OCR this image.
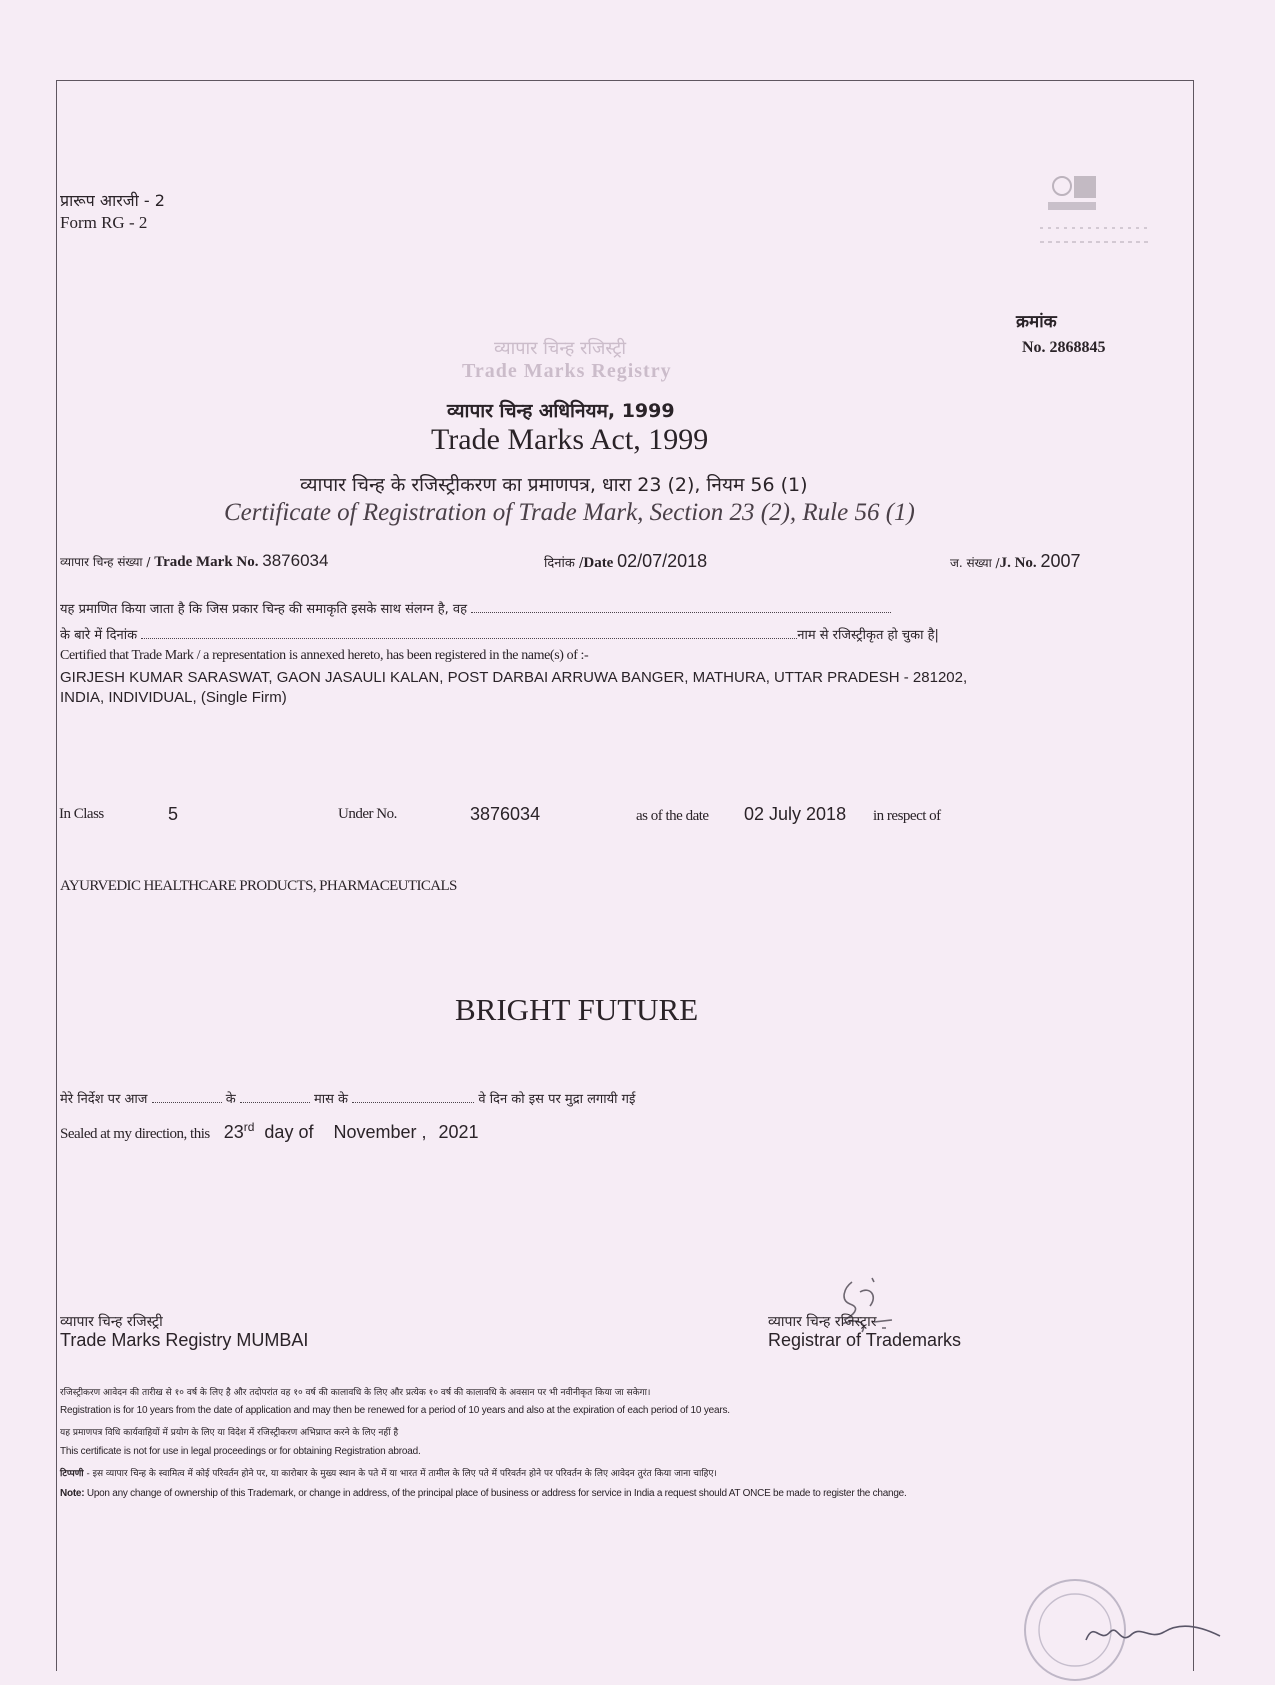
प्रारूप आरजी - 2
Form RG - 2
क्रमांक
No. 2868845
व्यापार चिन्ह रजिस्ट्री
Trade Marks Registry
व्यापार चिन्ह अधिनियम, 1999
Trade Marks Act, 1999
व्यापार चिन्ह के रजिस्ट्रीकरण का प्रमाणपत्र, धारा 23 (2), नियम 56 (1)
Certificate of Registration of Trade Mark, Section 23 (2), Rule 56 (1)
व्यापार चिन्ह संख्या / Trade Mark No. 3876034	दिनांक /Date 02/07/2018	ज. संख्या /J. No. 2007
यह प्रमाणित किया जाता है कि जिस प्रकार चिन्ह की समाकृति इसके साथ संलग्न है, वह
के बारे में दिनांक	नाम से रजिस्ट्रीकृत हो चुका है|
Certified that Trade Mark / a representation is annexed hereto, has been registered in the name(s) of :-
GIRJESH KUMAR SARASWAT, GAON JASAULI KALAN, POST DARBAI ARRUWA BANGER, MATHURA, UTTAR PRADESH - 281202,
INDIA, INDIVIDUAL, (Single Firm)
In Class	5	Under No.	3876034	as of the date 02 July 2018 in respect of
AYURVEDIC HEALTHCARE PRODUCTS, PHARMACEUTICALS
BRIGHT FUTURE
मेरे निर्देश पर आज	के	मास के	वे दिन को इस पर मुद्रा लगायी गई
Sealed at my direction, this 23rd day of November , 2021
व्यापार चिन्ह रजिस्ट्री
Trade Marks Registry MUMBAI
व्यापार चिन्ह रजिस्ट्रार
Registrar of Trademarks
रजिस्ट्रीकरण आवेदन की तारीख से १० वर्ष के लिए है और तदोपरांत वह १० वर्ष की कालावधि के लिए और प्रत्येक १० वर्ष की कालावधि के अवसान पर भी नवीनीकृत किया जा सकेगा।
Registration is for 10 years from the date of application and may then be renewed for a period of 10 years and also at the expiration of each period of 10 years.
यह प्रमाणपत्र विधि कार्यवाहियों में प्रयोग के लिए या विदेश में रजिस्ट्रीकरण अभिप्राप्त करने के लिए नहीं है
This certificate is not for use in legal proceedings or for obtaining Registration abroad.
टिप्पणी - इस व्यापार चिन्ह के स्वामित्व में कोई परिवर्तन होने पर, या कारोबार के मुख्य स्थान के पते में या भारत में तामील के लिए पते में परिवर्तन होने पर परिवर्तन के लिए आवेदन तुरंत किया जाना चाहिए।
Note: Upon any change of ownership of this Trademark, or change in address, of the principal place of business or address for service in India a request should AT ONCE be made to register the change.
